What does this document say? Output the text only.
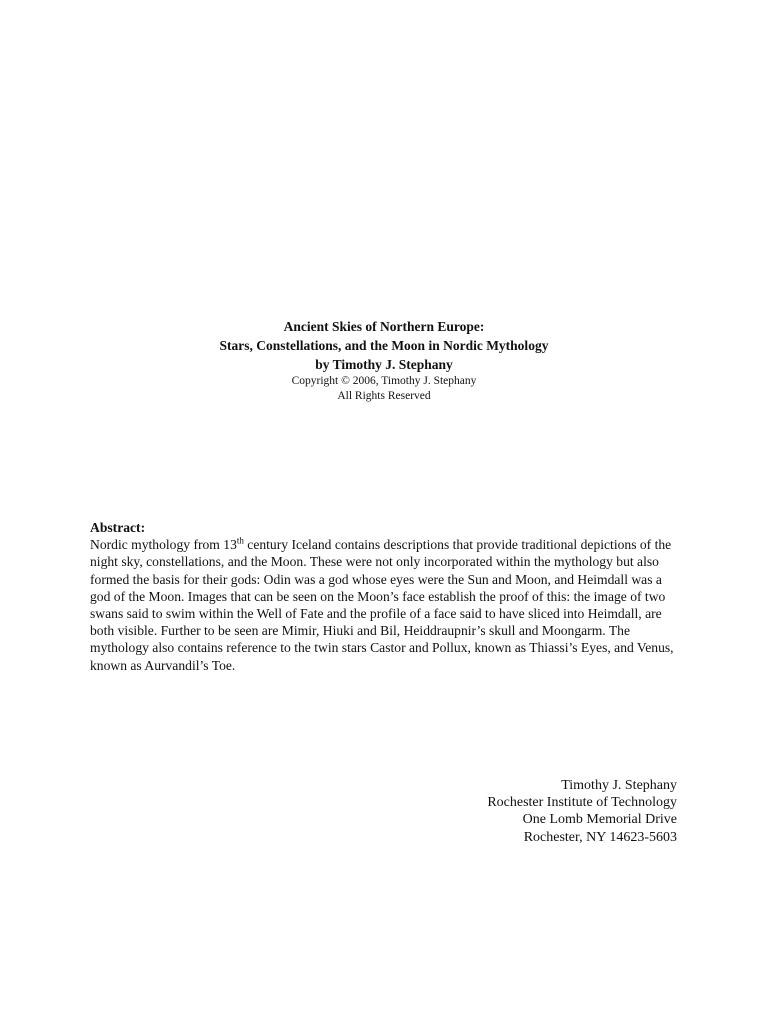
Ancient Skies of Northern Europe:

Stars, Constellations, and the Moon in Nordic Mythology

by Timothy J. Stephany

Copyright © 2006, Timothy J. Stephany

All Rights Reserved

Abstract:
Nordic mythology from 13th century Iceland contains descriptions that provide traditional depictions of the night sky, constellations, and the Moon. These were not only incorporated within the mythology but also formed the basis for their gods: Odin was a god whose eyes were the Sun and Moon, and Heimdall was a god of the Moon. Images that can be seen on the Moon’s face establish the proof of this: the image of two swans said to swim within the Well of Fate and the profile of a face said to have sliced into Heimdall, are both visible. Further to be seen are Mimir, Hiuki and Bil, Heiddraupnir’s skull and Moongarm. The mythology also contains reference to the twin stars Castor and Pollux, known as Thiassi’s Eyes, and Venus, known as Aurvandil’s Toe.
Timothy J. Stephany
Rochester Institute of Technology
One Lomb Memorial Drive
Rochester, NY 14623-5603
